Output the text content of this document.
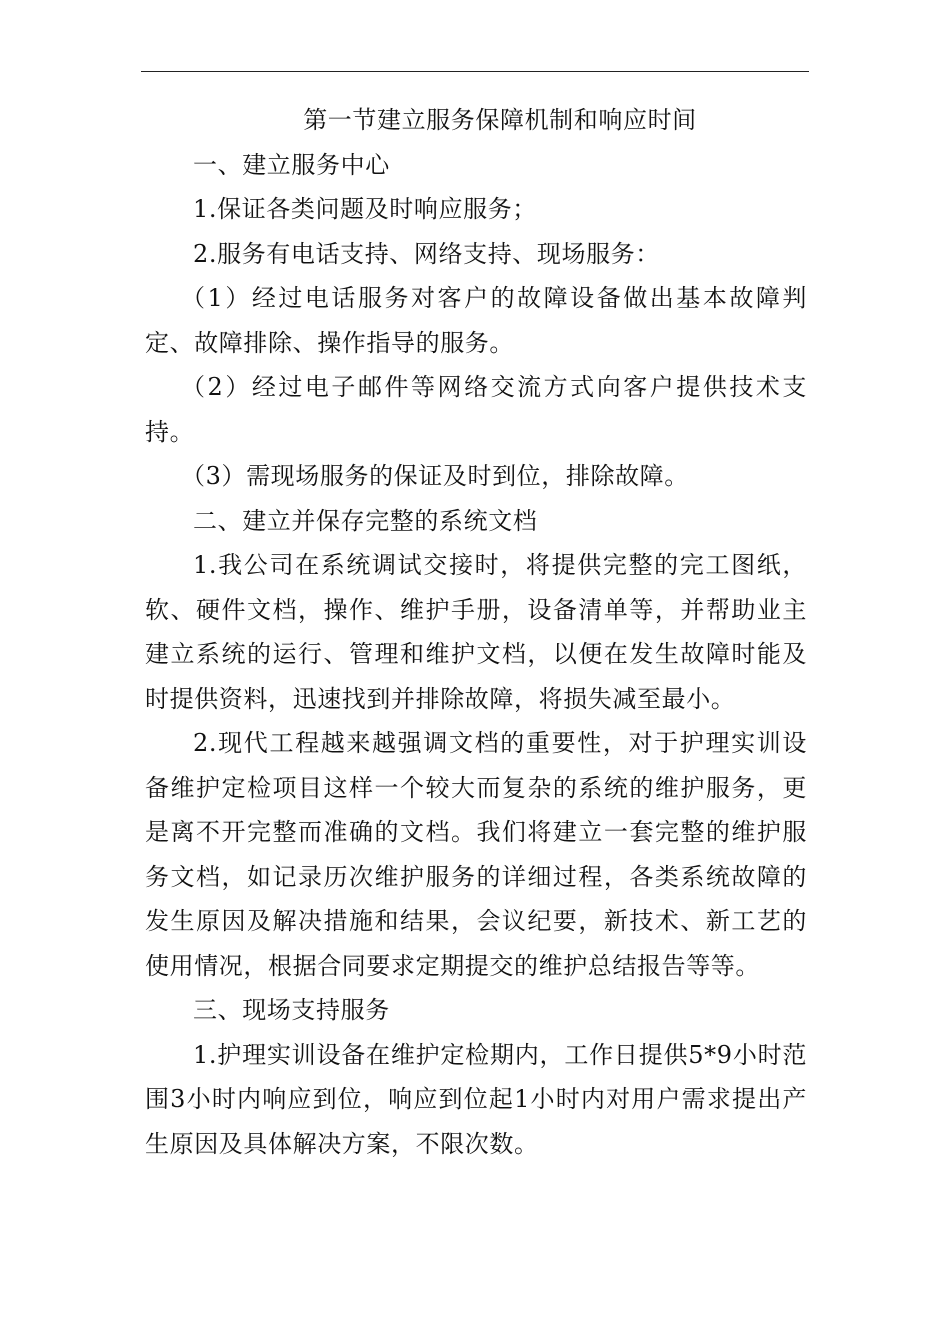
第一节建立服务保障机制和响应时间

一、建立服务中心

1.保证各类问题及时响应服务；

2.服务有电话支持、网络支持、现场服务：

（1）经过电话服务对客户的故障设备做出基本故障判定、故障排除、操作指导的服务。

（2）经过电子邮件等网络交流方式向客户提供技术支持。

（3）需现场服务的保证及时到位，排除故障。

二、建立并保存完整的系统文档

1.我公司在系统调试交接时，将提供完整的完工图纸，软、硬件文档，操作、维护手册，设备清单等，并帮助业主建立系统的运行、管理和维护文档，以便在发生故障时能及时提供资料，迅速找到并排除故障，将损失减至最小。

2.现代工程越来越强调文档的重要性，对于护理实训设备维护定检项目这样一个较大而复杂的系统的维护服务，更是离不开完整而准确的文档。我们将建立一套完整的维护服务文档，如记录历次维护服务的详细过程，各类系统故障的发生原因及解决措施和结果，会议纪要，新技术、新工艺的使用情况，根据合同要求定期提交的维护总结报告等等。

三、现场支持服务

1.护理实训设备在维护定检期内，工作日提供5*9小时范围3小时内响应到位，响应到位起1小时内对用户需求提出产生原因及具体解决方案，不限次数。
